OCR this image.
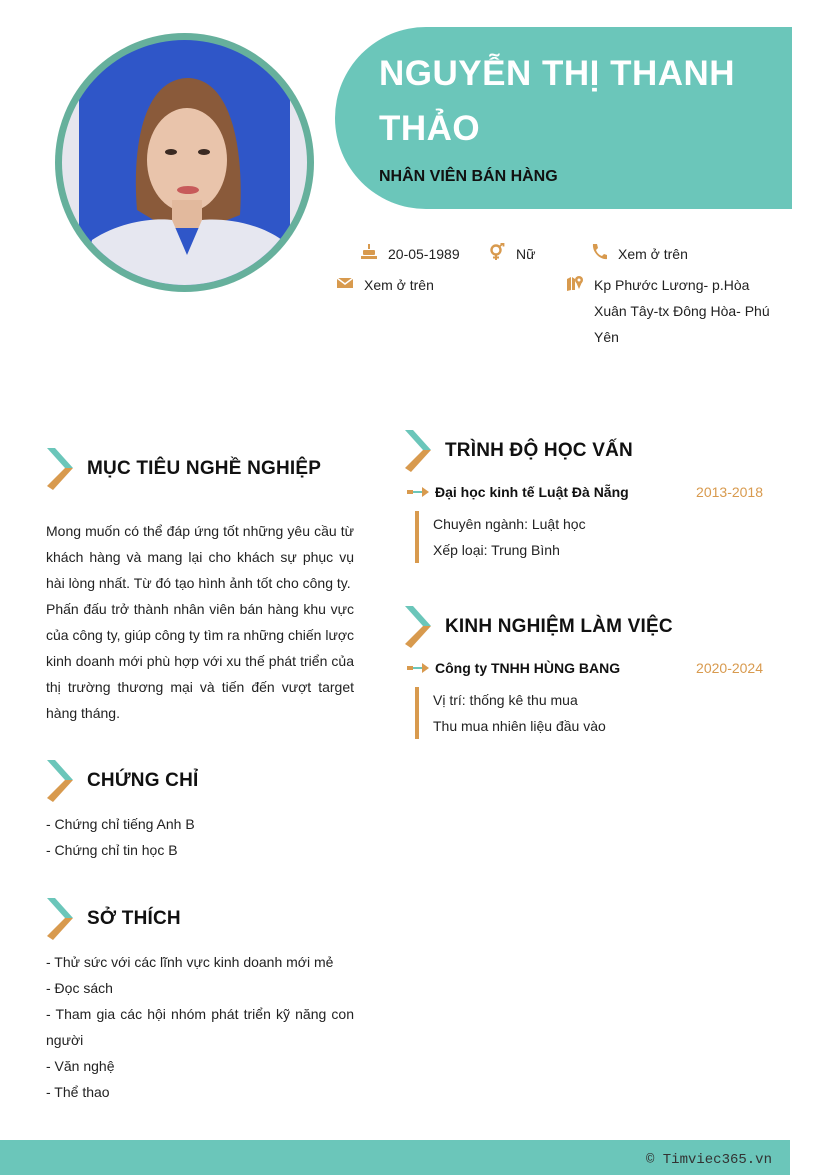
NGUYỄN THỊ THANH THẢO
NHÂN VIÊN BÁN HÀNG
20-05-1989	Nữ	Xem ở trên
Xem ở trên	Kp Phước Lương- p.Hòa Xuân Tây-tx Đông Hòa- Phú Yên
MỤC TIÊU NGHỀ NGHIỆP
Mong muốn có thể đáp ứng tốt những yêu cầu từ khách hàng và mang lại cho khách sự phục vụ hài lòng nhất. Từ đó tạo hình ảnh tốt cho công ty.
Phấn đấu trở thành nhân viên bán hàng khu vực của công ty, giúp công ty tìm ra những chiến lược kinh doanh mới phù hợp với xu thế phát triển của thị trường thương mại và tiến đến vượt target hàng tháng.
CHỨNG CHỈ
- Chứng chỉ tiếng Anh B
- Chứng chỉ tin học B
SỞ THÍCH
- Thử sức với các lĩnh vực kinh doanh mới mẻ
- Đọc sách
- Tham gia các hội nhóm phát triển kỹ năng con người
- Văn nghệ
- Thể thao
TRÌNH ĐỘ HỌC VẤN
Đại học kinh tế Luật Đà Nẵng	2013-2018
Chuyên ngành: Luật học
Xếp loại: Trung Bình
KINH NGHIỆM LÀM VIỆC
Công ty TNHH HÙNG BANG	2020-2024
Vị trí: thống kê thu mua
Thu mua nhiên liệu đầu vào
© Timviec365.vn
